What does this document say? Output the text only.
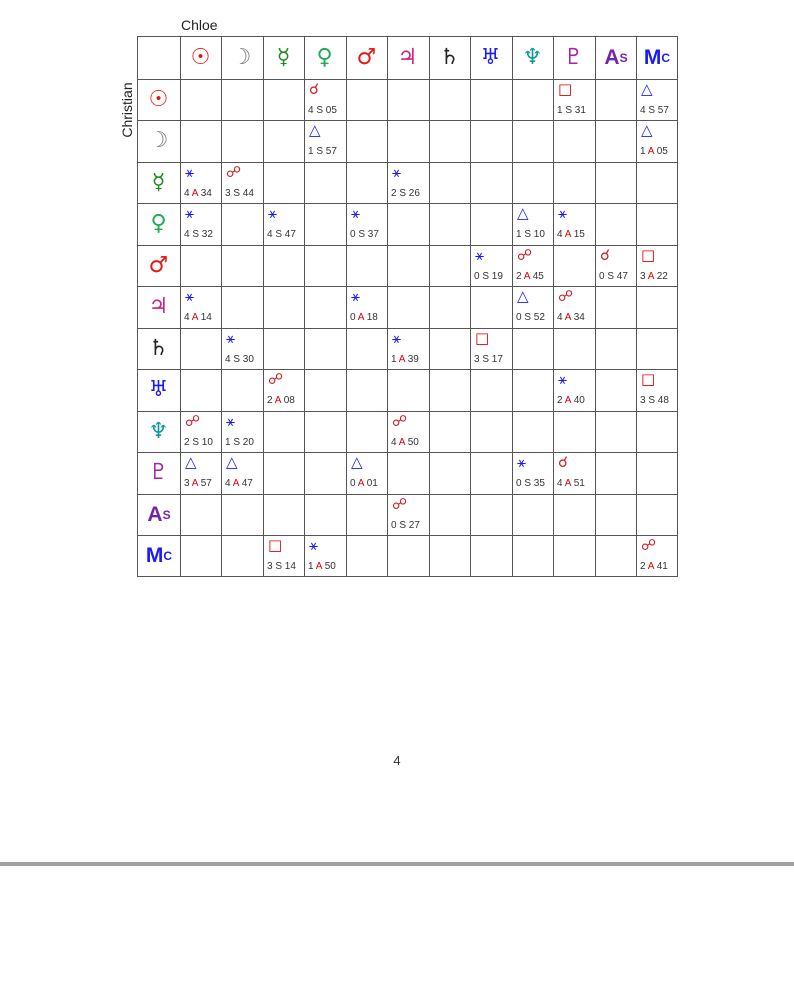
Chloe
Christian
☉ ☽ ☿ ♀ ♂ ♃ ♄ ♅ ♆ ♇ A S M C
☉
☽
☿
♀
♂
♃
♄
♅
♆
♇
A S
M C
☌
4 S 05
□
1 S 31
△
4 S 57
△
1 S 57
△
1 A 05
⚹
4 A 34
☍
3 S 44
⚹
2 S 26
⚹
4 S 32
⚹
4 S 47
⚹
0 S 37
△
1 S 10
⚹
4 A 15
⚹
0 S 19
☍
2 A 45
☌
0 S 47
□
3 A 22
⚹
4 A 14
⚹
0 A 18
△
0 S 52
☍
4 A 34
⚹
4 S 30
⚹
1 A 39
□
3 S 17
☍
2 A 08
⚹
2 A 40
□
3 S 48
☍
2 S 10
⚹
1 S 20
☍
4 A 50
△
3 A 57
△
4 A 47
△
0 A 01
⚹
0 S 35
☌
4 A 51
☍
0 S 27
□
3 S 14
⚹
1 A 50
☍
2 A 41
4
